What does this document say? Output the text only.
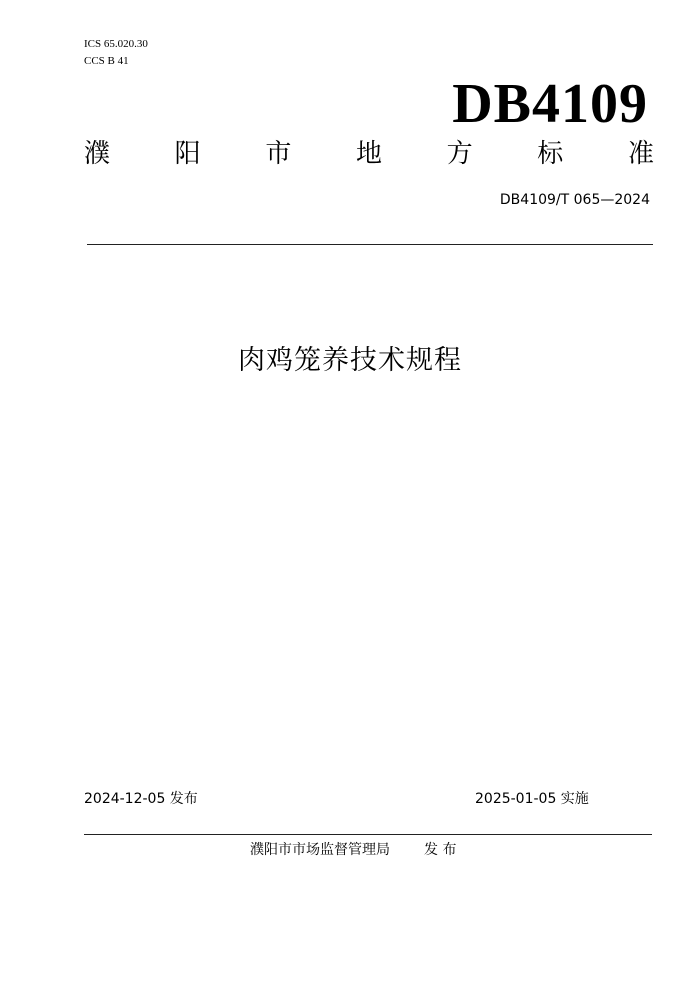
ICS 65.020.30
CCS B 41
DB4109
濮 阳 市 地 方 标 准
DB4109/T 065—2024
肉鸡笼养技术规程
2024-12-05 发布	2025-01-05 实施
濮阳市市场监督管理局 发 布
